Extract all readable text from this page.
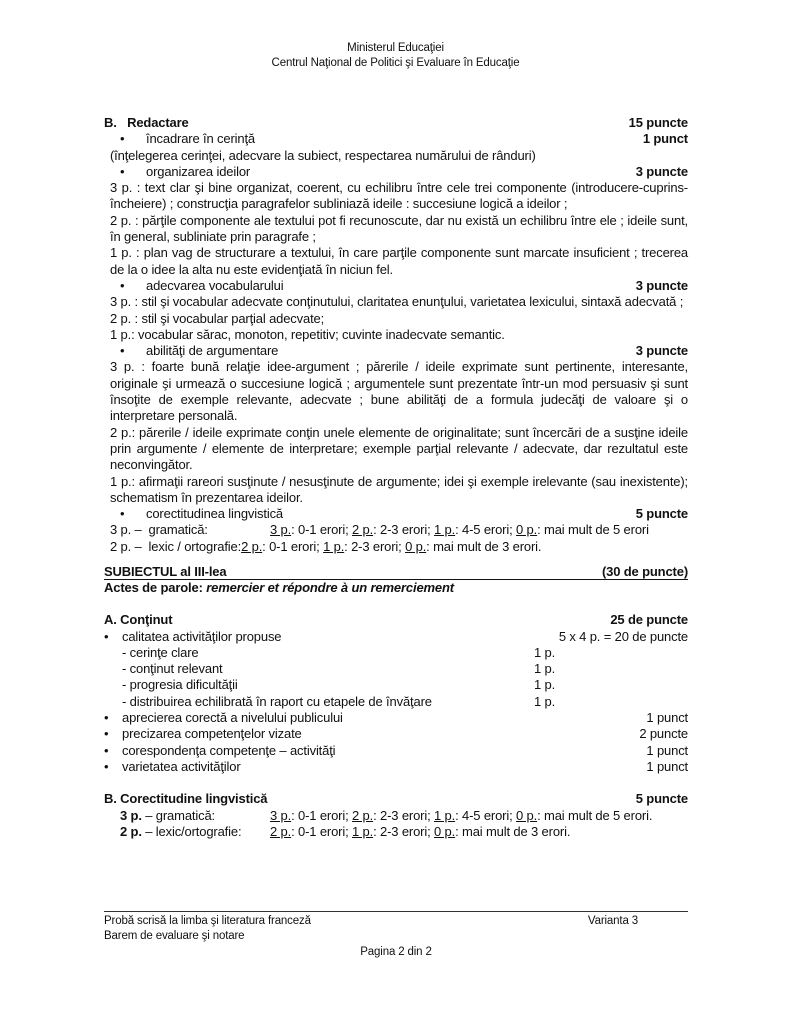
Ministerul Educaţiei
Centrul Naţional de Politici şi Evaluare în Educaţie
B.   Redactare	15 puncte
• încadrare în cerinţă	1 punct
(înţelegerea cerinţei, adecvare la subiect, respectarea numărului de rânduri)
• organizarea ideilor	3 puncte
3 p. : text clar şi bine organizat, coerent, cu echilibru între cele trei componente (introducere-cuprins-încheiere) ; construcţia paragrafelor subliniază ideile : succesiune logică a ideilor ;
2 p. : părţile componente ale textului pot fi recunoscute, dar nu există un echilibru între ele ; ideile sunt, în general, subliniate prin paragrafe ;
1 p. : plan vag de structurare a textului, în care parţile componente sunt marcate insuficient ; trecerea de la o idee la alta nu este evidenţiată în niciun fel.
• adecvarea vocabularului	3 puncte
3 p. : stil şi vocabular adecvate conţinutului, claritatea enunţului, varietatea lexicului, sintaxă adecvată ;
2 p. : stil şi vocabular parţial adecvate;
1 p.: vocabular sărac, monoton, repetitiv; cuvinte inadecvate semantic.
• abilităţi de argumentare	3 puncte
3 p. : foarte bună relaţie idee-argument ; părerile / ideile exprimate sunt pertinente, interesante, originale şi urmează o succesiune logică ; argumentele sunt prezentate într-un mod persuasiv şi sunt însoţite de exemple relevante, adecvate ; bune abilităţi de a formula judecăţi de valoare şi o interpretare personală.
2 p.: părerile / ideile exprimate conţin unele elemente de originalitate; sunt încercări de a susţine ideile prin argumente / elemente de interpretare; exemple parţial relevante / adecvate, dar rezultatul este neconvingător.
1 p.: afirmaţii rareori susţinute / nesusţinute de argumente; idei şi exemple irelevante (sau inexistente); schematism în prezentarea ideilor.
• corectitudinea lingvistică	5 puncte
3 p. –  gramatică:	3 p.: 0-1 erori; 2 p.: 2-3 erori; 1 p.: 4-5 erori; 0 p.: mai mult de 5 erori
2 p. –  lexic / ortografie:2 p.: 0-1 erori; 1 p.: 2-3 erori; 0 p.: mai mult de 3 erori.
SUBIECTUL al III-lea	(30 de puncte)
Actes de parole: remercier et répondre à un remerciement
A. Conţinut	25 de puncte
• calitatea activităţilor propuse	5 x 4 p. = 20 de puncte
- cerinţe clare	1 p.
- conţinut relevant	1 p.
- progresia dificultăţii	1 p.
- distribuirea echilibrată în raport cu etapele de învăţare	1 p.
• aprecierea corectă a nivelului publicului	1 punct
• precizarea competenţelor vizate	2 puncte
• corespondenţa competenţe – activităţi	1 punct
• varietatea activităţilor	1 punct
B. Corectitudine lingvistică	5 puncte
3 p. – gramatică:	3 p.: 0-1 erori; 2 p.: 2-3 erori; 1 p.: 4-5 erori; 0 p.: mai mult de 5 erori.
2 p. – lexic/ortografie: 2 p.: 0-1 erori; 1 p.: 2-3 erori; 0 p.: mai mult de 3 erori.
Probă scrisă la limba şi literatura franceză	Varianta 3
Barem de evaluare şi notare
Pagina 2 din 2
